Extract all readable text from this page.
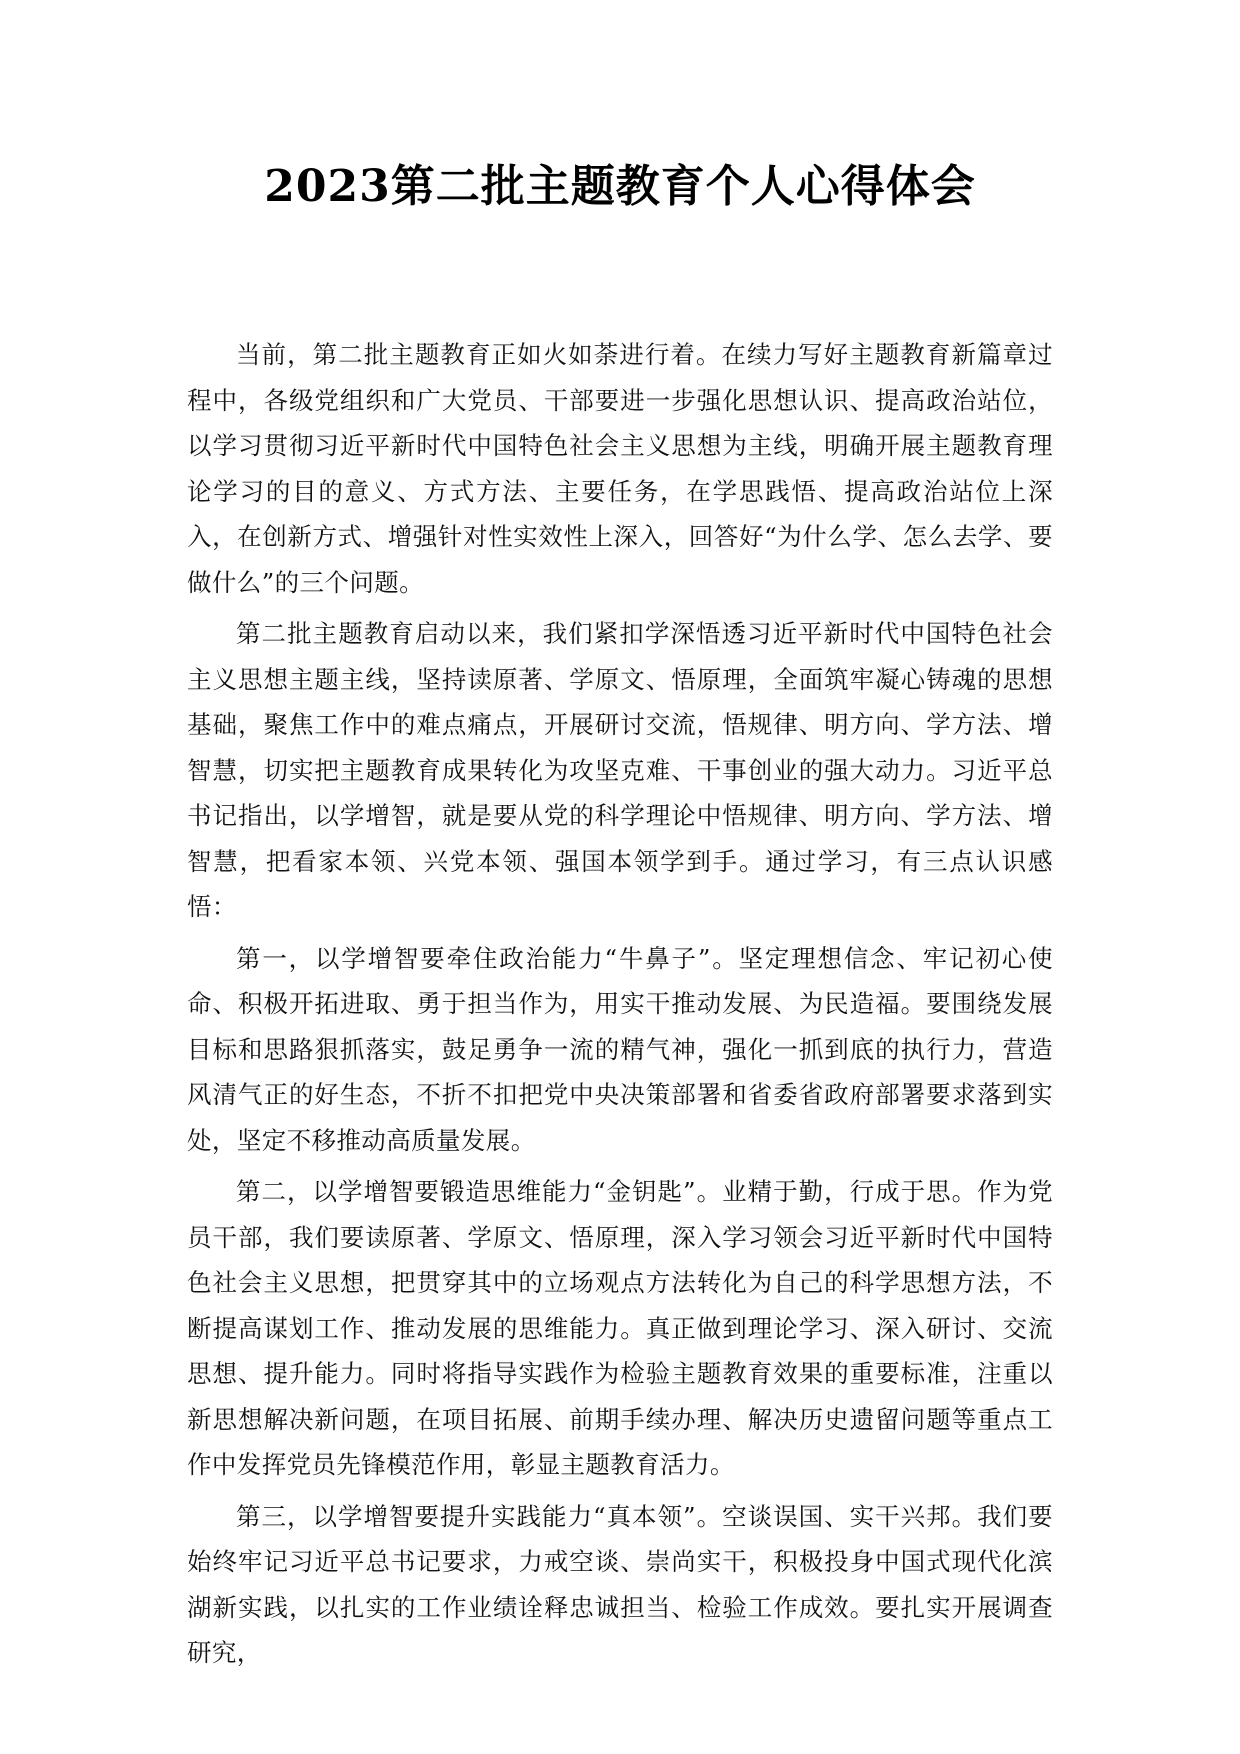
2023第二批主题教育个人心得体会

当前，第二批主题教育正如火如荼进行着。在续力写好主题教育新篇章过程中，各级党组织和广大党员、干部要进一步强化思想认识、提高政治站位，以学习贯彻习近平新时代中国特色社会主义思想为主线，明确开展主题教育理论学习的目的意义、方式方法、主要任务，在学思践悟、提高政治站位上深入，在创新方式、增强针对性实效性上深入，回答好“为什么学、怎么去学、要做什么”的三个问题。

第二批主题教育启动以来，我们紧扣学深悟透习近平新时代中国特色社会主义思想主题主线，坚持读原著、学原文、悟原理，全面筑牢凝心铸魂的思想基础，聚焦工作中的难点痛点，开展研讨交流，悟规律、明方向、学方法、增智慧，切实把主题教育成果转化为攻坚克难、干事创业的强大动力。习近平总书记指出，以学增智，就是要从党的科学理论中悟规律、明方向、学方法、增智慧，把看家本领、兴党本领、强国本领学到手。通过学习，有三点认识感悟：

第一，以学增智要牵住政治能力“牛鼻子”。坚定理想信念、牢记初心使命、积极开拓进取、勇于担当作为，用实干推动发展、为民造福。要围绕发展目标和思路狠抓落实，鼓足勇争一流的精气神，强化一抓到底的执行力，营造风清气正的好生态，不折不扣把党中央决策部署和省委省政府部署要求落到实处，坚定不移推动高质量发展。

第二，以学增智要锻造思维能力“金钥匙”。业精于勤，行成于思。作为党员干部，我们要读原著、学原文、悟原理，深入学习领会习近平新时代中国特色社会主义思想，把贯穿其中的立场观点方法转化为自己的科学思想方法，不断提高谋划工作、推动发展的思维能力。真正做到理论学习、深入研讨、交流思想、提升能力。同时将指导实践作为检验主题教育效果的重要标准，注重以新思想解决新问题，在项目拓展、前期手续办理、解决历史遗留问题等重点工作中发挥党员先锋模范作用，彰显主题教育活力。

第三，以学增智要提升实践能力“真本领”。空谈误国、实干兴邦。我们要始终牢记习近平总书记要求，力戒空谈、崇尚实干，积极投身中国式现代化滨湖新实践，以扎实的工作业绩诠释忠诚担当、检验工作成效。要扎实开展调查研究，
